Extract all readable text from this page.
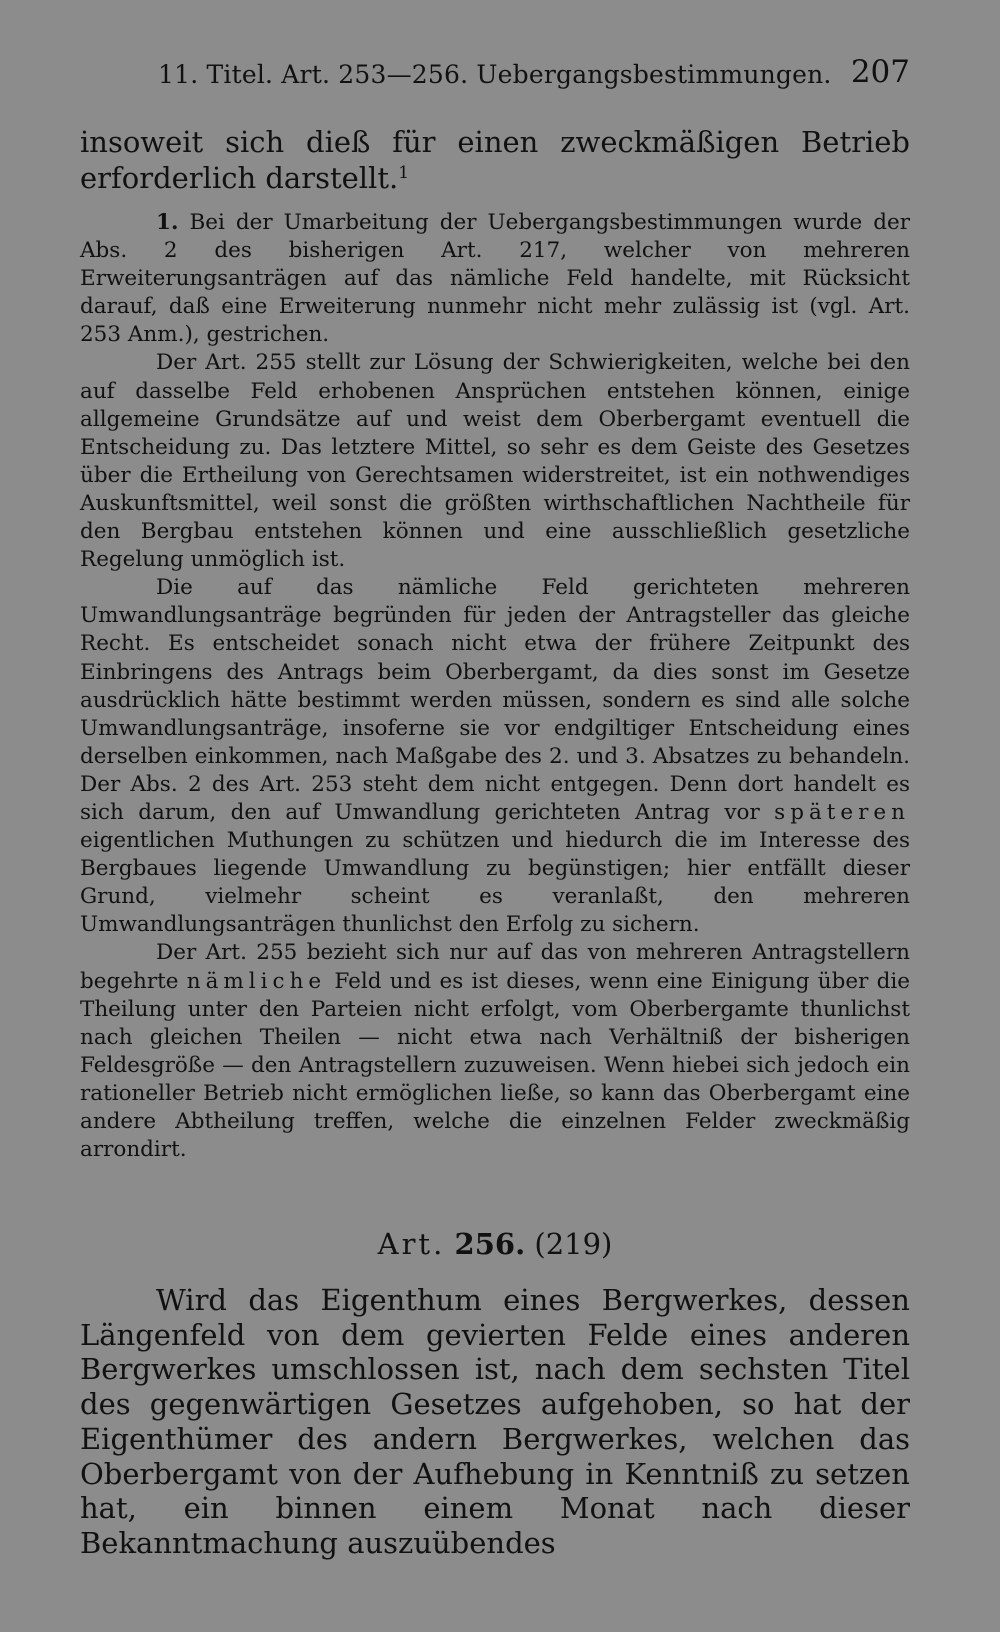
11. Titel. Art. 253—256. Uebergangsbestimmungen. 207
insoweit sich dieß für einen zweckmäßigen Betrieb erforderlich darstellt.$^1$

1. Bei der Umarbeitung der Uebergangsbestimmungen wurde der Abs. 2 des bisherigen Art. 217, welcher von mehreren Erweiterungsanträgen auf das nämliche Feld handelte, mit Rücksicht darauf, daß eine Erweiterung nunmehr nicht mehr zulässig ist (vgl. Art. 253 Anm.), gestrichen.

Der Art. 255 stellt zur Lösung der Schwierigkeiten, welche bei den auf dasselbe Feld erhobenen Ansprüchen entstehen können, einige allgemeine Grundsätze auf und weist dem Oberbergamt eventuell die Entscheidung zu. Das letztere Mittel, so sehr es dem Geiste des Gesetzes über die Ertheilung von Gerechtsamen widerstreitet, ist ein nothwendiges Auskunftsmittel, weil sonst die größten wirthschaftlichen Nachtheile für den Bergbau entstehen können und eine ausschließlich gesetzliche Regelung unmöglich ist.

Die auf das nämliche Feld gerichteten mehreren Umwandlungsanträge begründen für jeden der Antragsteller das gleiche Recht. Es entscheidet sonach nicht etwa der frühere Zeitpunkt des Einbringens des Antrags beim Oberbergamt, da dies sonst im Gesetze ausdrücklich hätte bestimmt werden müssen, sondern es sind alle solche Umwandlungsanträge, insoferne sie vor endgiltiger Entscheidung eines derselben einkommen, nach Maßgabe des 2. und 3. Absatzes zu behandeln. Der Abs. 2 des Art. 253 steht dem nicht entgegen. Denn dort handelt es sich darum, den auf Umwandlung gerichteten Antrag vor späteren eigentlichen Muthungen zu schützen und hiedurch die im Interesse des Bergbaues liegende Umwandlung zu begünstigen; hier entfällt dieser Grund, vielmehr scheint es veranlaßt, den mehreren Umwandlungsanträgen thunlichst den Erfolg zu sichern.

Der Art. 255 bezieht sich nur auf das von mehreren Antragstellern begehrte nämliche Feld und es ist dieses, wenn eine Einigung über die Theilung unter den Parteien nicht erfolgt, vom Oberbergamte thunlichst nach gleichen Theilen — nicht etwa nach Verhältniß der bisherigen Feldesgröße — den Antragstellern zuzuweisen. Wenn hiebei sich jedoch ein rationeller Betrieb nicht ermöglichen ließe, so kann das Oberbergamt eine andere Abtheilung treffen, welche die einzelnen Felder zweckmäßig arrondirt.

Art. 256. (219)

Wird das Eigenthum eines Bergwerkes, dessen Längenfeld von dem gevierten Felde eines anderen Bergwerkes umschlossen ist, nach dem sechsten Titel des gegenwärtigen Gesetzes aufgehoben, so hat der Eigenthümer des andern Bergwerkes, welchen das Oberbergamt von der Aufhebung in Kenntniß zu setzen hat, ein binnen einem Monat nach dieser Bekanntmachung auszuübendes
